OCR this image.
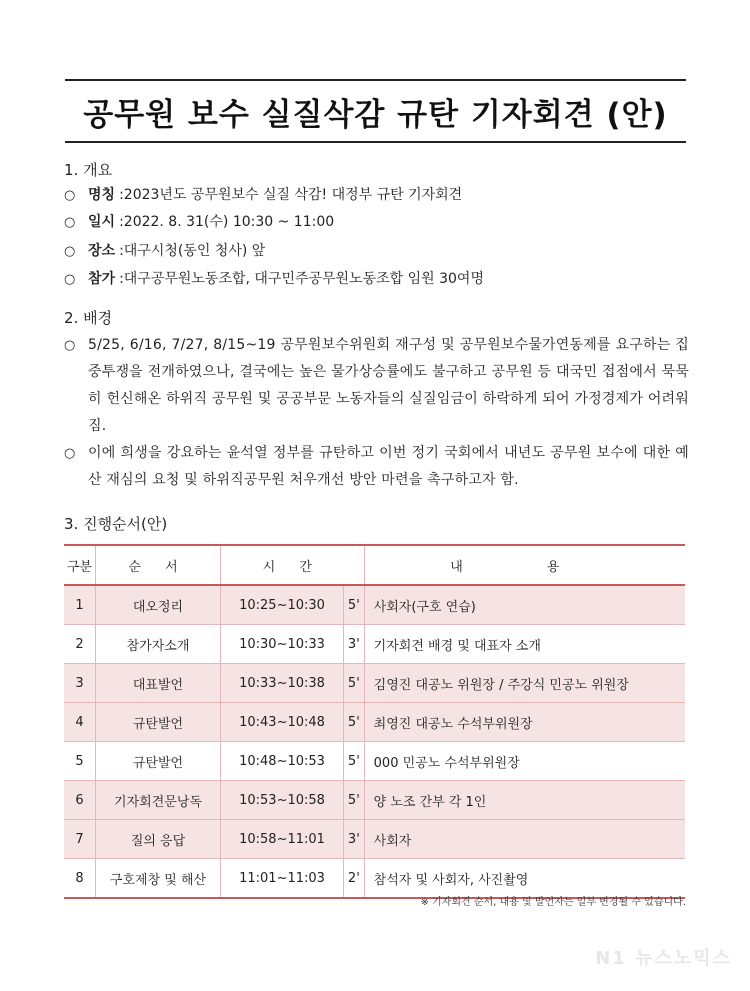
공무원 보수 실질삭감 규탄 기자회견 (안)
1. 개요
○ 명칭 : 2023년도 공무원보수 실질 삭감! 대정부 규탄 기자회견
○ 일시 : 2022. 8. 31(수) 10:30 ~ 11:00
○ 장소 : 대구시청(동인 청사) 앞
○ 참가 : 대구공무원노동조합, 대구민주공무원노동조합 임원 30여명
2. 배경
○ 5/25, 6/16, 7/27, 8/15~19 공무원보수위원회 재구성 및 공무원보수물가연동제를 요구하는 집중투쟁을 전개하였으나, 결국에는 높은 물가상승률에도 불구하고 공무원 등 대국민 접점에서 묵묵히 헌신해온 하위직 공무원 및 공공부문 노동자들의 실질임금이 하락하게 되어 가정경제가 어려워짐.
○ 이에 희생을 강요하는 윤석열 정부를 규탄하고 이번 정기 국회에서 내년도 공무원 보수에 대한 예산 재심의 요청 및 하위직공무원 처우개선 방안 마련을 촉구하고자 함.
3. 진행순서(안)
구분	순 서	시 간		내 용
1	대오정리	10:25~10:30	5'	사회자(구호 연습)
2	참가자소개	10:30~10:33	3'	기자회견 배경 및 대표자 소개
3	대표발언	10:33~10:38	5'	김영진 대공노 위원장 / 주강식 민공노 위원장
4	규탄발언	10:43~10:48	5'	최영진 대공노 수석부위원장
5	규탄발언	10:48~10:53	5'	000 민공노 수석부위원장
6	기자회견문낭독	10:53~10:58	5'	양 노조 간부 각 1인
7	질의 응답	10:58~11:01	3'	사회자
8	구호제창 및 해산	11:01~11:03	2'	참석자 및 사회자, 사진촬영
※ 기자회견 순서, 내용 및 발언자는 일부 변경될 수 있습니다.
N1 뉴스노믹스
